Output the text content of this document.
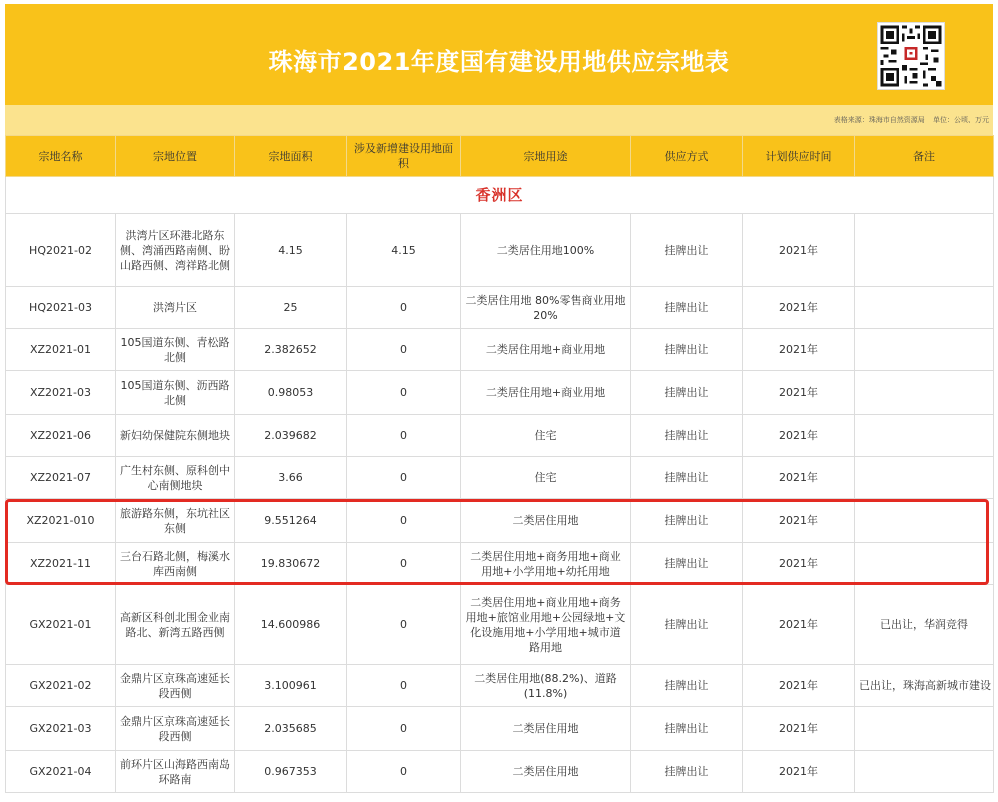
珠海市2021年度国有建设用地供应宗地表
表格来源：珠海市自然资源局 单位：公顷、万元
宗地名称	宗地位置	宗地面积	涉及新增建设用地面积	宗地用途	供应方式	计划供应时间	备注
香洲区							
HQ2021-02	洪湾片区环港北路东侧、湾涌西路南侧、盼山路西侧、湾祥路北侧	4.15	4.15	二类居住用地100%	挂牌出让	2021年	
HQ2021-03	洪湾片区	25	0	二类居住用地 80%零售商业用地20%	挂牌出让	2021年	
XZ2021-01	105国道东侧、青松路北侧	2.382652	0	二类居住用地+商业用地	挂牌出让	2021年	
XZ2021-03	105国道东侧、沥西路北侧	0.98053	0	二类居住用地+商业用地	挂牌出让	2021年	
XZ2021-06	新妇幼保健院东侧地块	2.039682	0	住宅	挂牌出让	2021年	
XZ2021-07	广生村东侧、原科创中心南侧地块	3.66	0	住宅	挂牌出让	2021年	
XZ2021-010	旅游路东侧，东坑社区东侧	9.551264	0	二类居住用地	挂牌出让	2021年	
XZ2021-11	三台石路北侧，梅溪水库西南侧	19.830672	0	二类居住用地+商务用地+商业用地+小学用地+幼托用地	挂牌出让	2021年	
GX2021-01	高新区科创北围金业南路北、新湾五路西侧	14.600986	0	二类居住用地+商业用地+商务用地+旅馆业用地+公园绿地+文化设施用地+小学用地+城市道路用地	挂牌出让	2021年	已出让，华润竞得
GX2021-02	金鼎片区京珠高速延长段西侧	3.100961	0	二类居住用地(88.2%)、道路(11.8%)	挂牌出让	2021年	已出让，珠海高新城市建设
GX2021-03	金鼎片区京珠高速延长段西侧	2.035685	0	二类居住用地	挂牌出让	2021年	
GX2021-04	前环片区山海路西南岛环路南	0.967353	0	二类居住用地	挂牌出让	2021年	
